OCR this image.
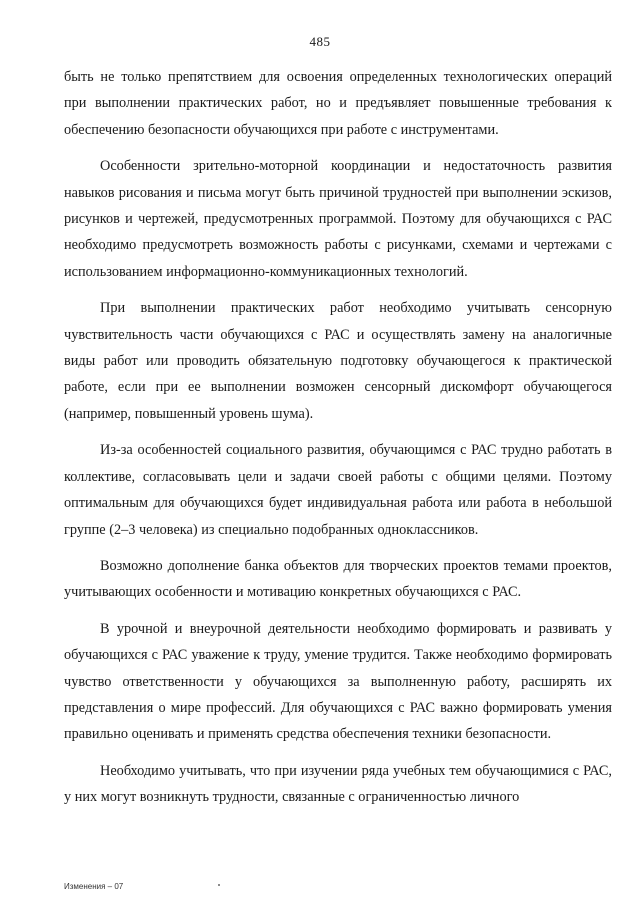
485

быть не только препятствием для освоения определенных технологических операций при выполнении практических работ, но и предъявляет повышенные требования к обеспечению безопасности обучающихся при работе с инструментами.

Особенности зрительно-моторной координации и недостаточность развития навыков рисования и письма могут быть причиной трудностей при выполнении эскизов, рисунков и чертежей, предусмотренных программой. Поэтому для обучающихся с РАС необходимо предусмотреть возможность работы с рисунками, схемами и чертежами с использованием информационно-коммуникационных технологий.

При выполнении практических работ необходимо учитывать сенсорную чувствительность части обучающихся с РАС и осуществлять замену на аналогичные виды работ или проводить обязательную подготовку обучающегося к практической работе, если при ее выполнении возможен сенсорный дискомфорт обучающегося (например, повышенный уровень шума).

Из-за особенностей социального развития, обучающимся с РАС трудно работать в коллективе, согласовывать цели и задачи своей работы с общими целями. Поэтому оптимальным для обучающихся будет индивидуальная работа или работа в небольшой группе (2–3 человека) из специально подобранных одноклассников.

Возможно дополнение банка объектов для творческих проектов темами проектов, учитывающих особенности и мотивацию конкретных обучающихся с РАС.

В урочной и внеурочной деятельности необходимо формировать и развивать у обучающихся с РАС уважение к труду, умение трудится. Также необходимо формировать чувство ответственности у обучающихся за выполненную работу, расширять их представления о мире профессий. Для обучающихся с РАС важно формировать умения правильно оценивать и применять средства обеспечения техники безопасности.

Необходимо учитывать, что при изучении ряда учебных тем обучающимися с РАС, у них могут возникнуть трудности, связанные с ограниченностью личного

Изменения – 07
